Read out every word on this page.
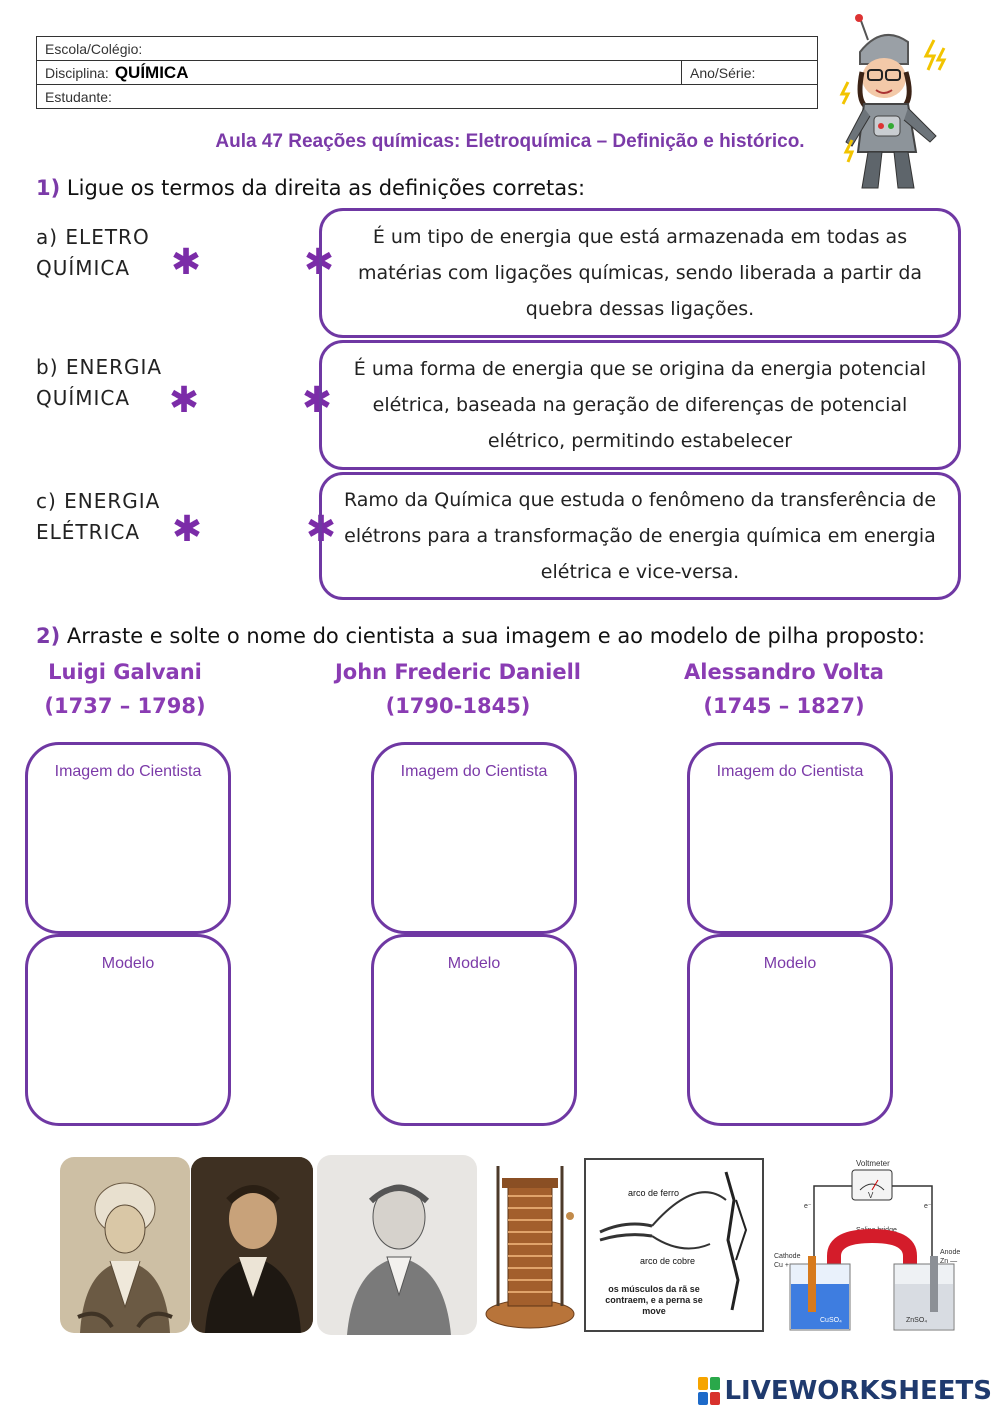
Escola/Colégio:
Disciplina: QUÍMICA	Ano/Série:
Estudante:
Aula 47 Reações químicas: Eletroquímica – Definição e histórico.
1) Ligue os termos da direita as definições corretas:
a) ELETRO
QUÍMICA
b) ENERGIA
QUÍMICA
c) ENERGIA
ELÉTRICA
✱
✱
✱
✱
✱
✱
É um tipo de energia que está armazenada em todas as matérias com ligações químicas, sendo liberada a partir da quebra dessas ligações.
É uma forma de energia que se origina da energia potencial elétrica, baseada na geração de diferenças de potencial elétrico, permitindo estabelecer
Ramo da Química que estuda o fenômeno da transferência de elétrons para a transformação de energia química em energia elétrica e vice-versa.
2) Arraste e solte o nome do cientista a sua imagem e ao modelo de pilha proposto:
Luigi Galvani
(1737 – 1798)
John Frederic Daniell
(1790-1845)
Alessandro Volta
(1745 – 1827)
Imagem do Cientista	Imagem do Cientista	Imagem do Cientista
Modelo	Modelo	Modelo
arco de ferro
arco de cobre
os músculos da rã se contraem, e a perna se move
Voltmeter
V
e⁻	e⁻
Saline bridge
Cathode
Cu +
Anode
Zn —
CuSO₄	ZnSO₄
LIVEWORKSHEETS
